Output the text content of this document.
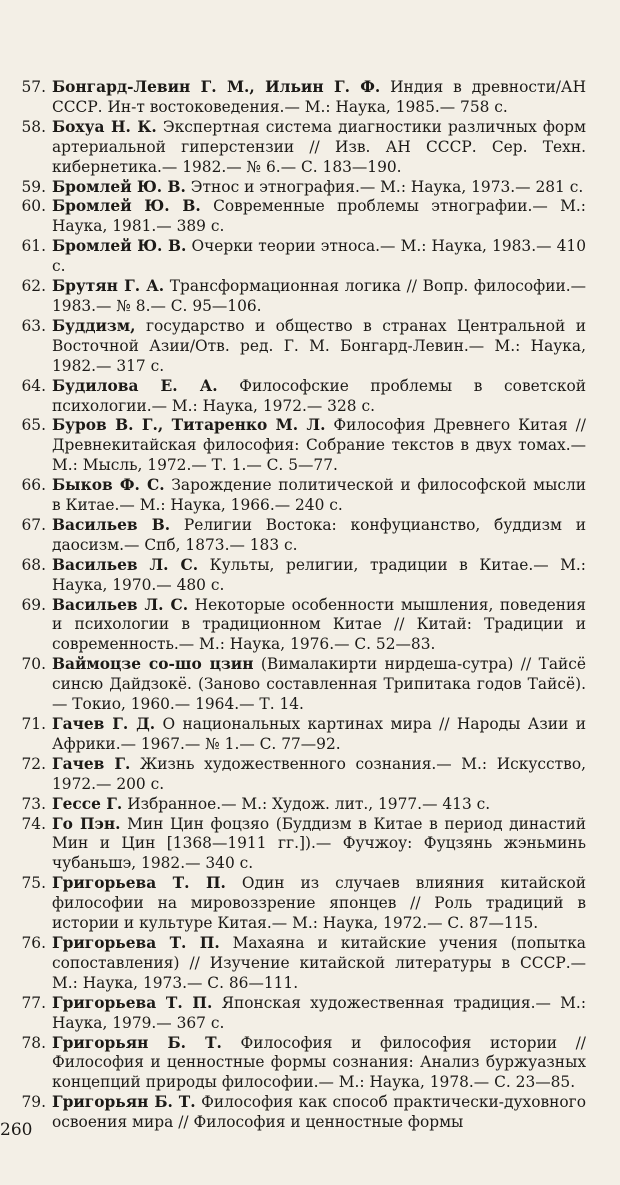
57. Бонгард-Левин Г. М., Ильин Г. Ф. Индия в древности/АН СССР. Ин-т востоковедения.— М.: Наука, 1985.— 758 с.
58. Бохуа Н. К. Экспертная система диагностики различных форм артериальной гиперстензии // Изв. АН СССР. Сер. Техн. кибернетика.— 1982.— № 6.— С. 183—190.
59. Бромлей Ю. В. Этнос и этнография.— М.: Наука, 1973.— 281 с.
60. Бромлей Ю. В. Современные проблемы этнографии.— М.: Наука, 1981.— 389 с.
61. Бромлей Ю. В. Очерки теории этноса.— М.: Наука, 1983.— 410 с.
62. Брутян Г. А. Трансформационная логика // Вопр. философии.— 1983.— № 8.— С. 95—106.
63. Буддизм, государство и общество в странах Центральной и Восточной Азии/Отв. ред. Г. М. Бонгард-Левин.— М.: Наука, 1982.— 317 с.
64. Будилова Е. А. Философские проблемы в советской психологии.— М.: Наука, 1972.— 328 с.
65. Буров В. Г., Титаренко М. Л. Философия Древнего Китая // Древнекитайская философия: Собрание текстов в двух томах.— М.: Мысль, 1972.— Т. 1.— С. 5—77.
66. Быков Ф. С. Зарождение политической и философской мысли в Китае.— М.: Наука, 1966.— 240 с.
67. Васильев В. Религии Востока: конфуцианство, буддизм и даосизм.— Спб, 1873.— 183 с.
68. Васильев Л. С. Культы, религии, традиции в Китае.— М.: Наука, 1970.— 480 с.
69. Васильев Л. С. Некоторые особенности мышления, поведения и психологии в традиционном Китае // Китай: Традиции и современность.— М.: Наука, 1976.— С. 52—83.
70. Ваймоцзе со-шо цзин (Вималакирти нирдеша-сутра) // Тайсё синсю Дайдзокё. (Заново составленная Трипитака годов Тайсё).— Токио, 1960.— 1964.— Т. 14.
71. Гачев Г. Д. О национальных картинах мира // Народы Азии и Африки.— 1967.— № 1.— С. 77—92.
72. Гачев Г. Жизнь художественного сознания.— М.: Искусство, 1972.— 200 с.
73. Гессе Г. Избранное.— М.: Худож. лит., 1977.— 413 с.
74. Го Пэн. Мин Цин фоцзяо (Буддизм в Китае в период династий Мин и Цин [1368—1911 гг.]).— Фучжоу: Фуцзянь жэньминь чубаньшэ, 1982.— 340 с.
75. Григорьева Т. П. Один из случаев влияния китайской философии на мировоззрение японцев // Роль традиций в истории и культуре Китая.— М.: Наука, 1972.— С. 87—115.
76. Григорьева Т. П. Махаяна и китайские учения (попытка сопоставления) // Изучение китайской литературы в СССР.— М.: Наука, 1973.— С. 86—111.
77. Григорьева Т. П. Японская художественная традиция.— М.: Наука, 1979.— 367 с.
78. Григорьян Б. Т. Философия и философия истории // Философия и ценностные формы сознания: Анализ буржуазных концепций природы философии.— М.: Наука, 1978.— С. 23—85.
79. Григорьян Б. Т. Философия как способ практически-духовного освоения мира // Философия и ценностные формы
260
